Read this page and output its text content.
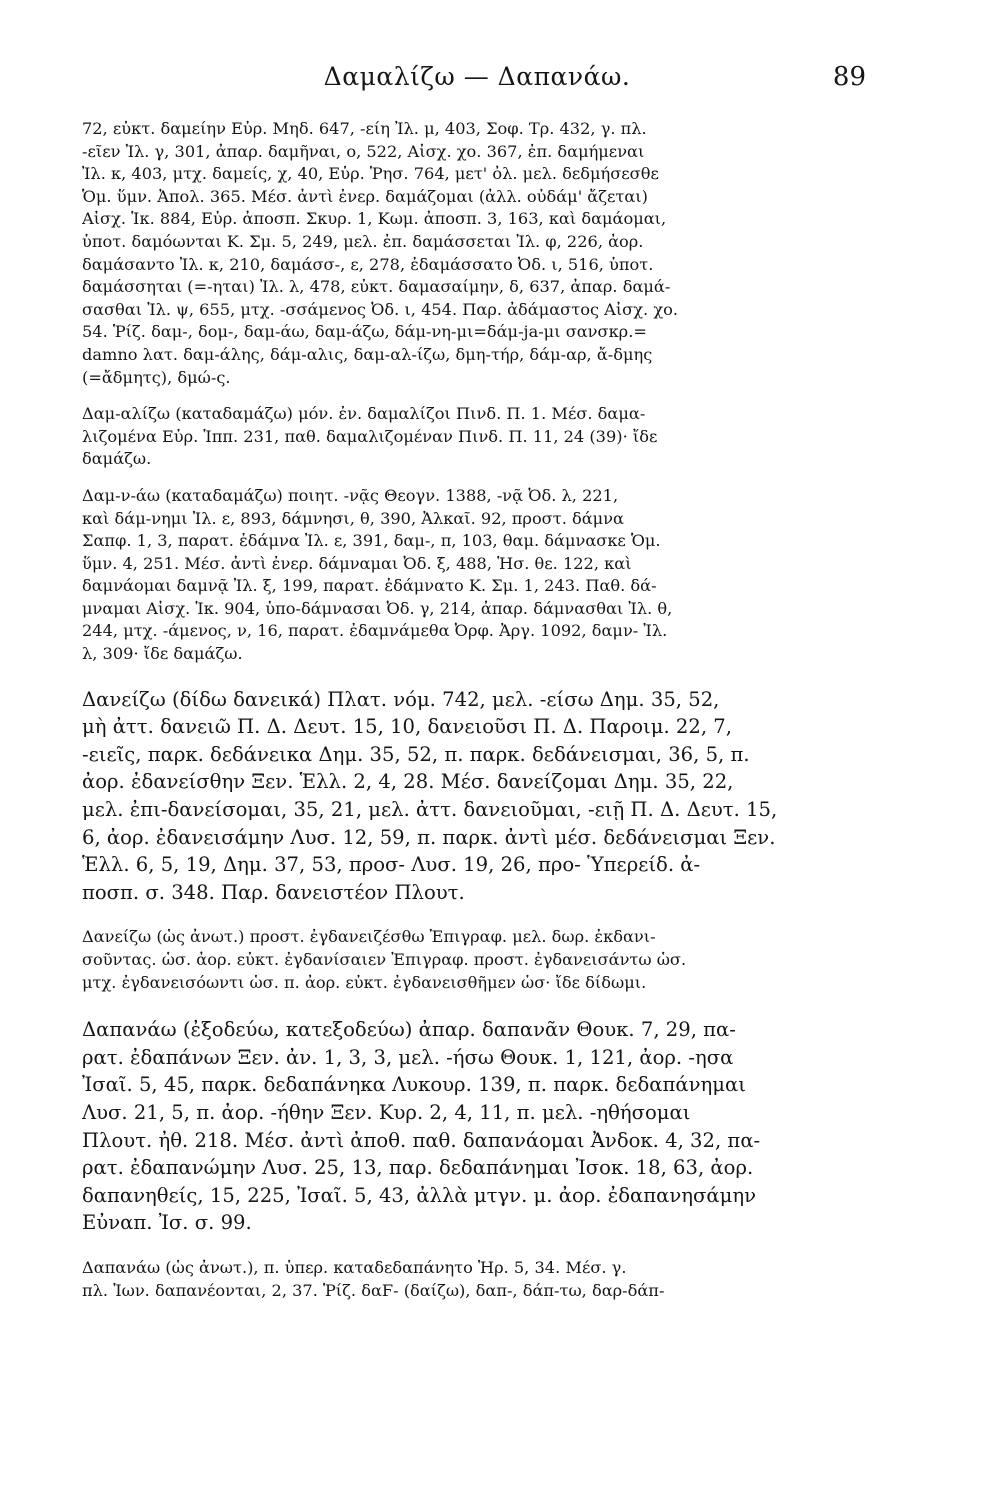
Δαμαλίζω — Δαπανάω.	89
72, εὐκτ. δαμείην Εὐρ. Μηδ. 647, -είη Ἰλ. μ, 403, Σοφ. Τρ. 432, γ. πλ.
-εῖεν Ἰλ. γ, 301, ἀπαρ. δαμῆναι, ο, 522, Αἰσχ. χο. 367, ἐπ. δαμήμεναι
Ἰλ. κ, 403, μτχ. δαμείς, χ, 40, Εὐρ. Ῥησ. 764, μετ' ὀλ. μελ. δεδμήσεσθε
Ὁμ. ὕμν. Ἀπολ. 365. Μέσ. ἀντὶ ἐνερ. δαμάζομαι (ἀλλ. οὐδάμ' ἄζεται)
Αἰσχ. Ἱκ. 884, Εὐρ. ἀποσπ. Σκυρ. 1, Κωμ. ἀποσπ. 3, 163, καὶ δαμάομαι,
ὑποτ. δαμόωνται Κ. Σμ. 5, 249, μελ. ἐπ. δαμάσσεται Ἰλ. φ, 226, ἀορ.
δαμάσαντο Ἰλ. κ, 210, δαμάσσ-, ε, 278, ἐδαμάσσατο Ὀδ. ι, 516, ὑποτ.
δαμάσσηται (=-ηται) Ἰλ. λ, 478, εὐκτ. δαμασαίμην, δ, 637, ἀπαρ. δαμά-
σασθαι Ἰλ. ψ, 655, μτχ. -σσάμενος Ὀδ. ι, 454. Παρ. ἀδάμαστος Αἰσχ. χο.
54. Ῥίζ. δαμ-, δομ-, δαμ-άω, δαμ-άζω, δάμ-νη-μι=δάμ-ja-μι σανσκρ.=
damno λατ. δαμ-άλης, δάμ-αλις, δαμ-αλ-ίζω, δμη-τήρ, δάμ-αρ, ἄ-δμης
(=ἄδμητς), δμώ-ς.
Δαμ-αλίζω (καταδαμάζω) μόν. ἐν. δαμαλίζοι Πινδ. Π. 1. Μέσ. δαμα-
λιζομένα Εὐρ. Ἱππ. 231, παθ. δαμαλιζομέναν Πινδ. Π. 11, 24 (39)· ἴδε
δαμάζω.
Δαμ-ν-άω (καταδαμάζω) ποιητ. -νᾷς Θεογν. 1388, -νᾷ Ὀδ. λ, 221,
καὶ δάμ-νημι Ἰλ. ε, 893, δάμνησι, θ, 390, Ἀλκαῖ. 92, προστ. δάμνα
Σαπφ. 1, 3, παρατ. ἐδάμνα Ἰλ. ε, 391, δαμ-, π, 103, θαμ. δάμνασκε Ὁμ.
ὕμν. 4, 251. Μέσ. ἀντὶ ἐνερ. δάμναμαι Ὀδ. ξ, 488, Ἡσ. θε. 122, καὶ
δαμνάομαι δαμνᾷ Ἰλ. ξ, 199, παρατ. ἐδάμνατο Κ. Σμ. 1, 243. Παθ. δά-
μναμαι Αἰσχ. Ἱκ. 904, ὑπο-δάμνασαι Ὀδ. γ, 214, ἀπαρ. δάμνασθαι Ἰλ. θ,
244, μτχ. -άμενος, ν, 16, παρατ. ἐδαμνάμεθα Ὀρφ. Ἀργ. 1092, δαμν- Ἰλ.
λ, 309· ἴδε δαμάζω.
Δανείζω (δίδω δανεικά) Πλατ. νόμ. 742, μελ. -είσω Δημ. 35, 52,
μὴ ἀττ. δανειῶ Π. Δ. Δευτ. 15, 10, δανειοῦσι Π. Δ. Παροιμ. 22, 7,
-ειεῖς, παρκ. δεδάνεικα Δημ. 35, 52, π. παρκ. δεδάνεισμαι, 36, 5, π.
ἀορ. ἐδανείσθην Ξεν. Ἑλλ. 2, 4, 28. Μέσ. δανείζομαι Δημ. 35, 22,
μελ. ἐπι-δανείσομαι, 35, 21, μελ. ἀττ. δανειοῦμαι, -ειῇ Π. Δ. Δευτ. 15,
6, ἀορ. ἐδανεισάμην Λυσ. 12, 59, π. παρκ. ἀντὶ μέσ. δεδάνεισμαι Ξεν.
Ἑλλ. 6, 5, 19, Δημ. 37, 53, προσ- Λυσ. 19, 26, προ- Ὑπερείδ. ἀ-
ποσπ. σ. 348. Παρ. δανειστέον Πλουτ.
Δανείζω (ὡς ἀνωτ.) προστ. ἐγδανειζέσθω Ἐπιγραφ. μελ. δωρ. ἐκδανι-
σοῦντας. ὡσ. ἀορ. εὐκτ. ἐγδανίσαιεν Ἐπιγραφ. προστ. ἐγδανεισάντω ὡσ.
μτχ. ἐγδανεισόωντι ὡσ. π. ἀορ. εὐκτ. ἐγδανεισθῆμεν ὡσ· ἴδε δίδωμι.
Δαπανάω (ἐξοδεύω, κατεξοδεύω) ἀπαρ. δαπανᾶν Θουκ. 7, 29, πα-
ρατ. ἐδαπάνων Ξεν. ἀν. 1, 3, 3, μελ. -ήσω Θουκ. 1, 121, ἀορ. -ησα
Ἰσαῖ. 5, 45, παρκ. δεδαπάνηκα Λυκουρ. 139, π. παρκ. δεδαπάνημαι
Λυσ. 21, 5, π. ἀορ. -ήθην Ξεν. Κυρ. 2, 4, 11, π. μελ. -ηθήσομαι
Πλουτ. ἠθ. 218. Μέσ. ἀντὶ ἀποθ. παθ. δαπανάομαι Ἀνδοκ. 4, 32, πα-
ρατ. ἐδαπανώμην Λυσ. 25, 13, παρ. δεδαπάνημαι Ἰσοκ. 18, 63, ἀορ.
δαπανηθείς, 15, 225, Ἰσαῖ. 5, 43, ἀλλὰ μτγν. μ. ἀορ. ἐδαπανησάμην
Εὐναπ. Ἰσ. σ. 99.
Δαπανάω (ὡς ἀνωτ.), π. ὑπερ. καταδεδαπάνητο Ἡρ. 5, 34. Μέσ. γ.
πλ. Ἰων. δαπανέονται, 2, 37. Ῥίζ. δαϜ- (δαίζω), δαπ-, δάπ-τω, δαρ-δάπ-
